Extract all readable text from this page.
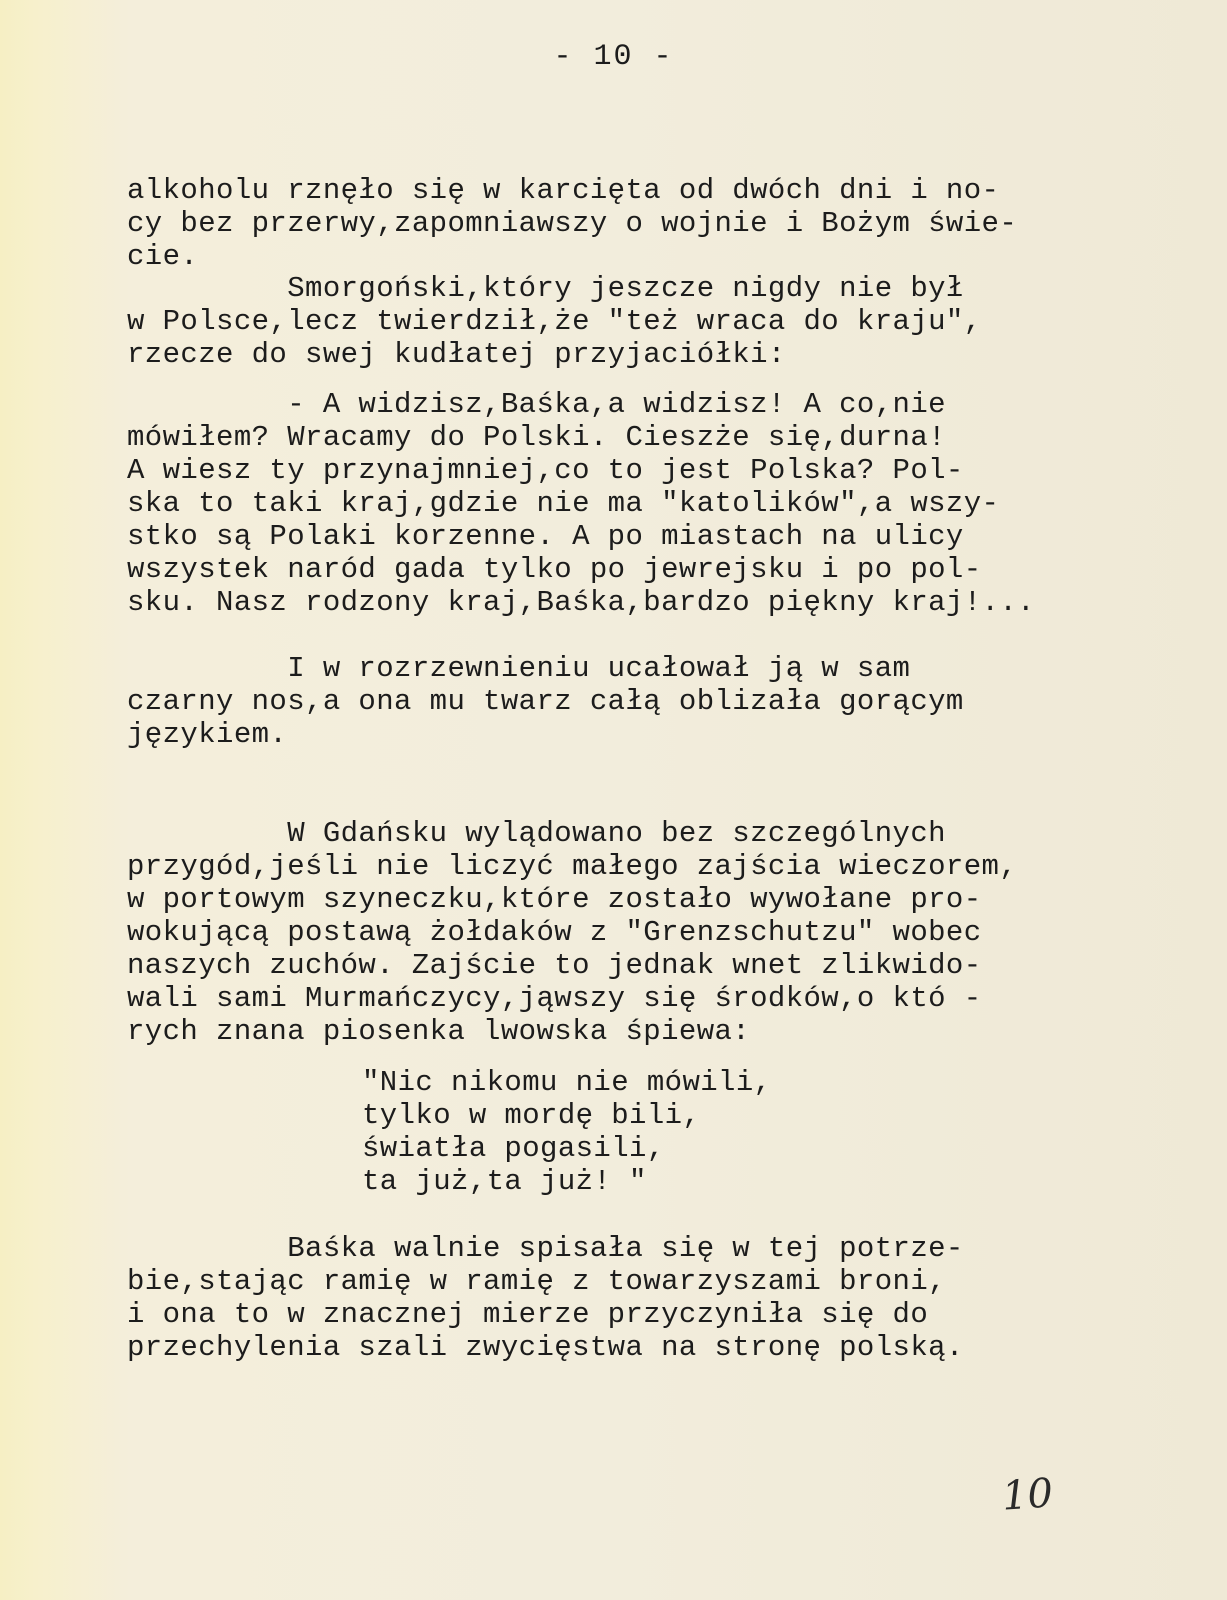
- 10 -
alkoholu rznęło się w karcięta od dwóch dni i no-
cy bez przerwy,zapomniawszy o wojnie i Bożym świe-
cie.
Smorgoński,który jeszcze nigdy nie był
w Polsce,lecz twierdził,że "też wraca do kraju",
rzecze do swej kudłatej przyjaciółki:
- A widzisz,Baśka,a widzisz! A co,nie
mówiłem? Wracamy do Polski. Cieszże się,durna!
A wiesz ty przynajmniej,co to jest Polska? Pol-
ska to taki kraj,gdzie nie ma "katolików",a wszy-
stko są Polaki korzenne. A po miastach na ulicy
wszystek naród gada tylko po jewrejsku i po pol-
sku. Nasz rodzony kraj,Baśka,bardzo piękny kraj!...
I w rozrzewnieniu ucałował ją w sam
czarny nos,a ona mu twarz całą oblizała gorącym
językiem.
W Gdańsku wylądowano bez szczególnych
przygód,jeśli nie liczyć małego zajścia wieczorem,
w portowym szyneczku,które zostało wywołane pro-
wokującą postawą żołdaków z "Grenzschutzu" wobec
naszych zuchów. Zajście to jednak wnet zlikwido-
wali sami Murmańczycy,jąwszy się środków,o któ -
rych znana piosenka lwowska śpiewa:
"Nic nikomu nie mówili,
tylko w mordę bili,
światła pogasili,
ta już,ta już! "
Baśka walnie spisała się w tej potrze-
bie,stając ramię w ramię z towarzyszami broni,
i ona to w znacznej mierze przyczyniła się do
przechylenia szali zwycięstwa na stronę polską.
10
